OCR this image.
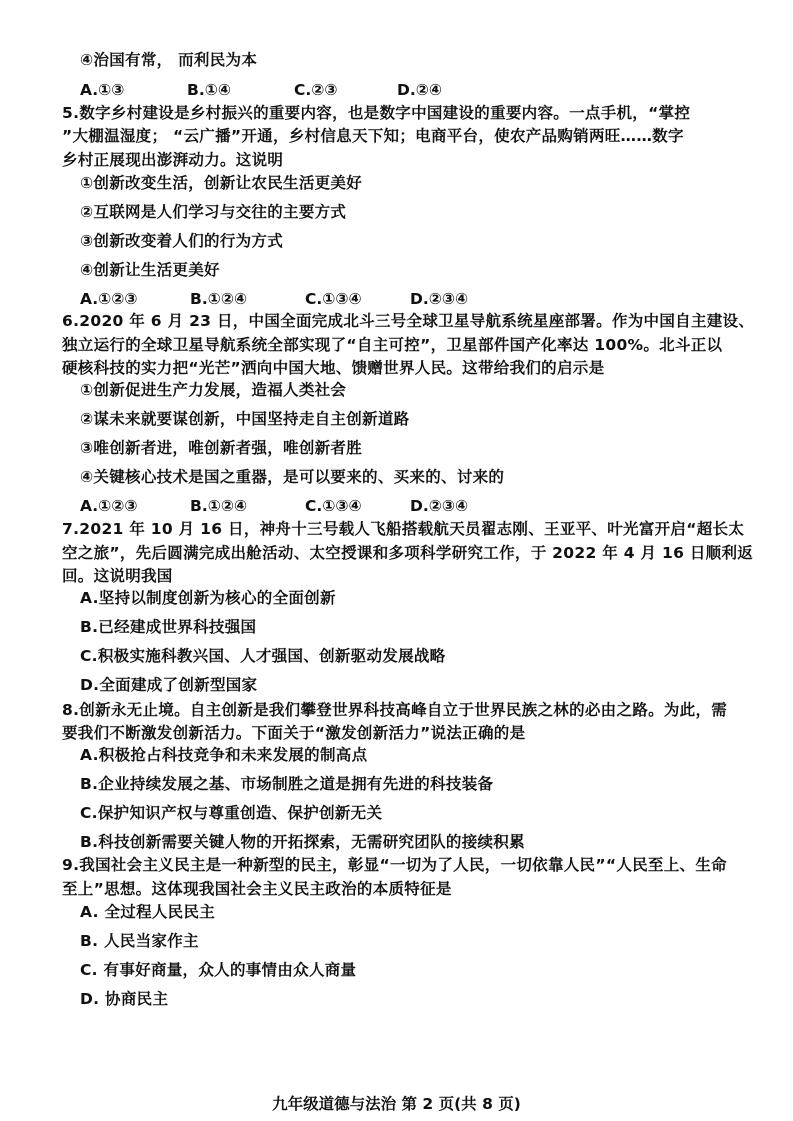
④治国有常， 而利民为本
A.①③	B.①④	C.②③	D.②④
5.数字乡村建设是乡村振兴的重要内容，也是数字中国建设的重要内容。一点手机，“掌控
”大棚温湿度； “云广播”开通，乡村信息天下知；电商平台，使农产品购销两旺……数字
乡村正展现出澎湃动力。这说明
①创新改变生活，创新让农民生活更美好
②互联网是人们学习与交往的主要方式
③创新改变着人们的行为方式
④创新让生活更美好
A.①②③	B.①②④	C.①③④	D.②③④
6.2020 年 6 月 23 日，中国全面完成北斗三号全球卫星导航系统星座部署。作为中国自主建设、
独立运行的全球卫星导航系统全部实现了“自主可控”，卫星部件国产化率达 100%。北斗正以
硬核科技的实力把“光芒”洒向中国大地、馈赠世界人民。这带给我们的启示是
①创新促进生产力发展，造福人类社会
②谋未来就要谋创新，中国坚持走自主创新道路
③唯创新者进，唯创新者强，唯创新者胜
④关键核心技术是国之重器，是可以要来的、买来的、讨来的
A.①②③	B.①②④	C.①③④	D.②③④
7.2021 年 10 月 16 日，神舟十三号载人飞船搭载航天员翟志刚、王亚平、叶光富开启“超长太
空之旅”，先后圆满完成出舱活动、太空授课和多项科学研究工作，于 2022 年 4 月 16 日顺利返
回。这说明我国
A.坚持以制度创新为核心的全面创新
B.已经建成世界科技强国
C.积极实施科教兴国、人才强国、创新驱动发展战略
D.全面建成了创新型国家
8.创新永无止境。自主创新是我们攀登世界科技高峰自立于世界民族之林的必由之路。为此，需
要我们不断激发创新活力。下面关于“激发创新活力”说法正确的是
A.积极抢占科技竞争和未来发展的制高点
B.企业持续发展之基、市场制胜之道是拥有先进的科技装备
C.保护知识产权与尊重创造、保护创新无关
B.科技创新需要关键人物的开拓探索，无需研究团队的接续积累
9.我国社会主义民主是一种新型的民主，彰显“一切为了人民，一切依靠人民”“人民至上、生命
至上”思想。这体现我国社会主义民主政治的本质特征是
A. 全过程人民民主
B. 人民当家作主
C. 有事好商量，众人的事情由众人商量
D. 协商民主
九年级道德与法治 第 2 页(共 8 页)
